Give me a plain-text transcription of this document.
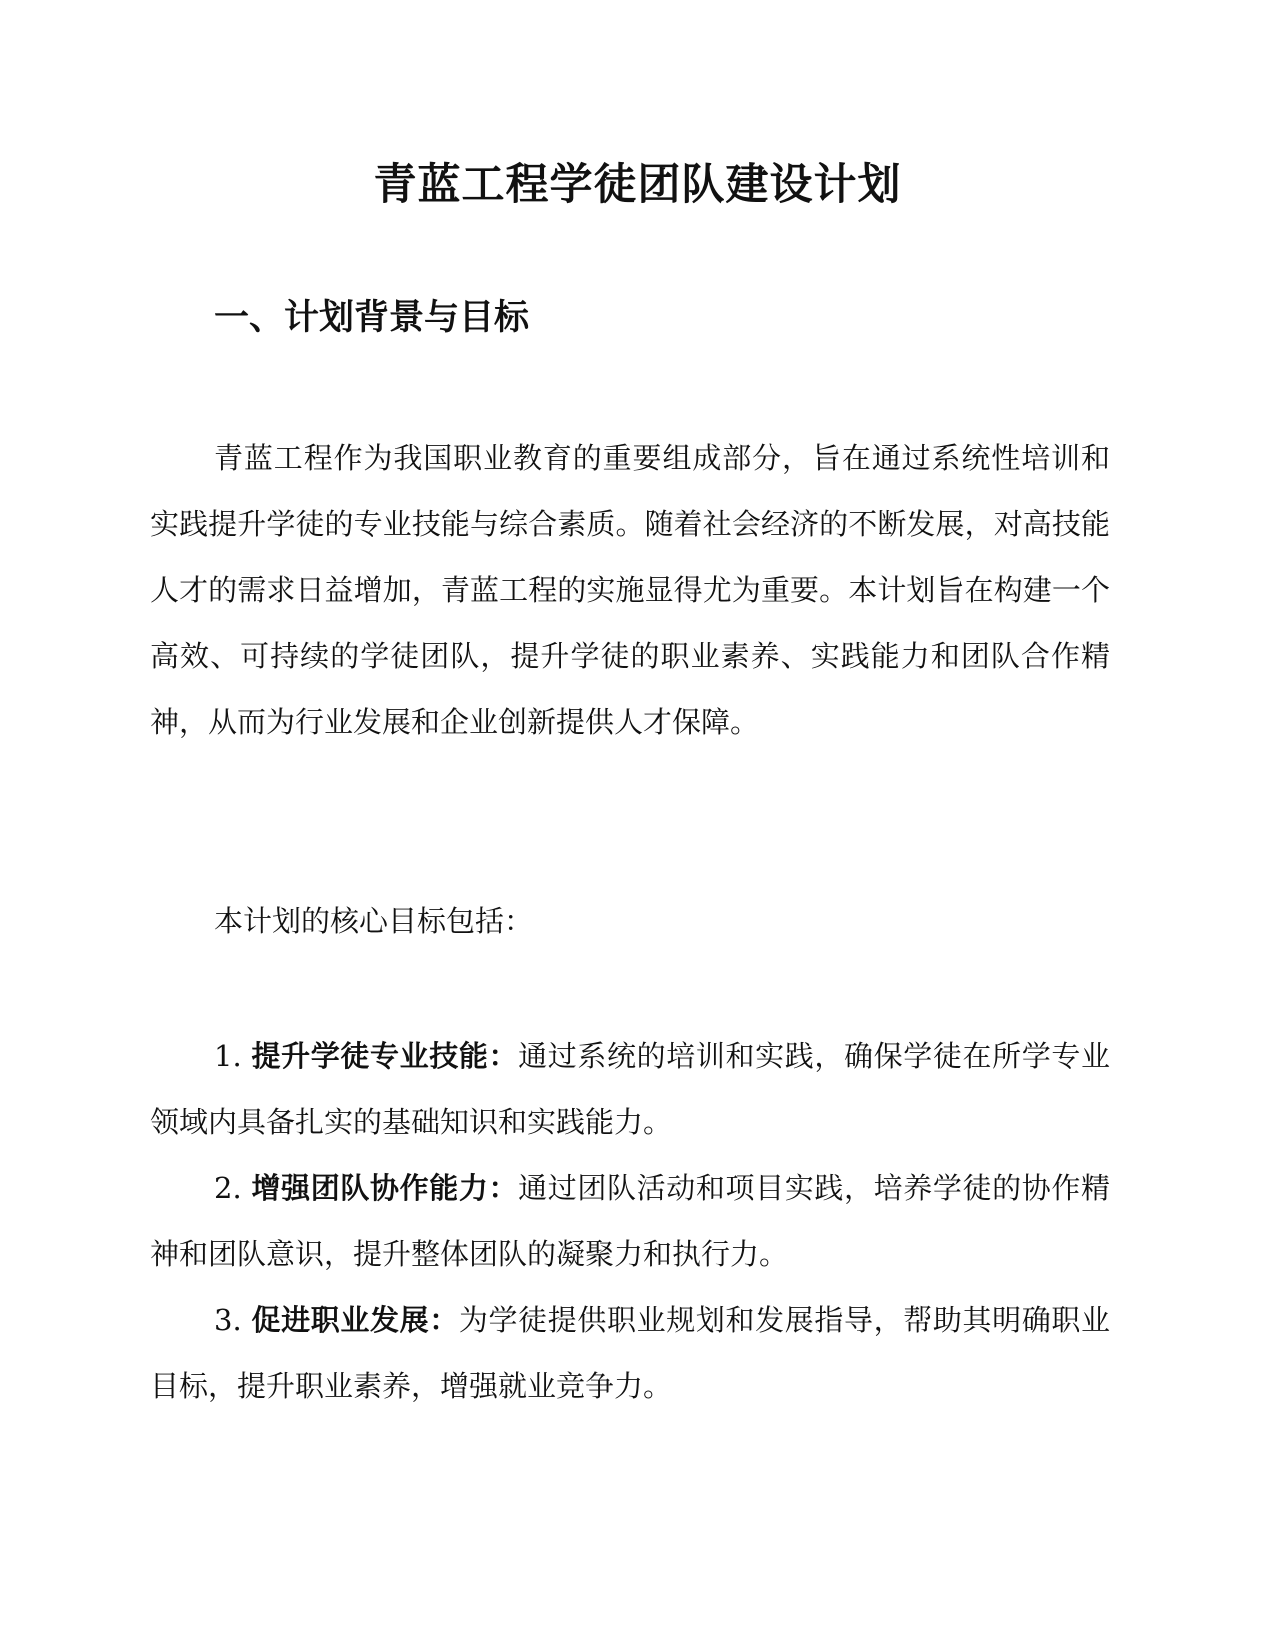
青蓝工程学徒团队建设计划
一、计划背景与目标

青蓝工程作为我国职业教育的重要组成部分，旨在通过系统性培训和实践提升学徒的专业技能与综合素质。随着社会经济的不断发展，对高技能人才的需求日益增加，青蓝工程的实施显得尤为重要。本计划旨在构建一个高效、可持续的学徒团队，提升学徒的职业素养、实践能力和团队合作精神，从而为行业发展和企业创新提供人才保障。

本计划的核心目标包括：

1. 提升学徒专业技能：通过系统的培训和实践，确保学徒在所学专业领域内具备扎实的基础知识和实践能力。

2. 增强团队协作能力：通过团队活动和项目实践，培养学徒的协作精神和团队意识，提升整体团队的凝聚力和执行力。

3. 促进职业发展：为学徒提供职业规划和发展指导，帮助其明确职业目标，提升职业素养，增强就业竞争力。
